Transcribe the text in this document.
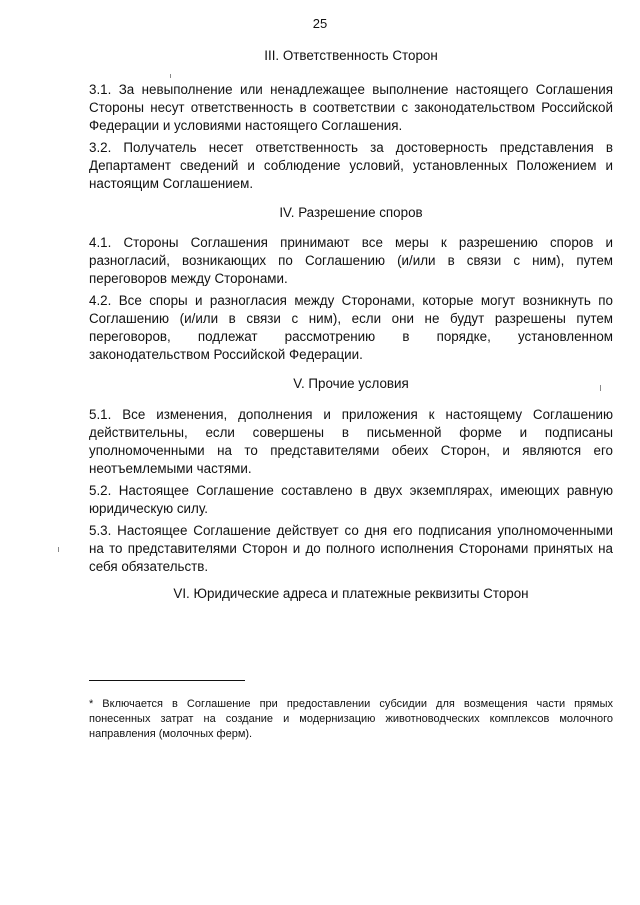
25

III. Ответственность Сторон

3.1. За невыполнение или ненадлежащее выполнение настоящего Соглашения Стороны несут ответственность в соответствии с законодательством Российской Федерации и условиями настоящего Соглашения.

3.2. Получатель несет ответственность за достоверность представления в Департамент сведений и соблюдение условий, установленных Положением и настоящим Соглашением.

IV. Разрешение споров

4.1. Стороны Соглашения принимают все меры к разрешению споров и разногласий, возникающих по Соглашению (и/или в связи с ним), путем переговоров между Сторонами.

4.2. Все споры и разногласия между Сторонами, которые могут возникнуть по Соглашению (и/или в связи с ним), если они не будут разрешены путем переговоров, подлежат рассмотрению в порядке, установленном законодательством Российской Федерации.

V. Прочие условия

5.1. Все изменения, дополнения и приложения к настоящему Соглашению действительны, если совершены в письменной форме и подписаны уполномоченными на то представителями обеих Сторон, и являются его неотъемлемыми частями.

5.2. Настоящее Соглашение составлено в двух экземплярах, имеющих равную юридическую силу.

5.3. Настоящее Соглашение действует со дня его подписания уполномоченными на то представителями Сторон и до полного исполнения Сторонами принятых на себя обязательств.

VI. Юридические адреса и платежные реквизиты Сторон

* Включается в Соглашение при предоставлении субсидии для возмещения части прямых понесенных затрат на создание и модернизацию животноводческих комплексов молочного направления (молочных ферм).
